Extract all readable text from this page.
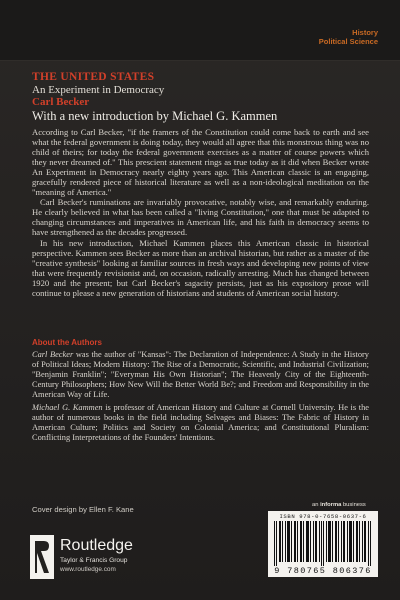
History
Political Science
THE UNITED STATES
An Experiment in Democracy
Carl Becker
With a new introduction by Michael G. Kammen

According to Carl Becker, "if the framers of the Constitution could come back to earth and see what the federal government is doing today, they would all agree that this monstrous thing was no child of theirs; for today the federal government exercises as a matter of course powers which they never dreamed of." This prescient statement rings as true today as it did when Becker wrote An Experiment in Democracy nearly eighty years ago. This American classic is an engaging, gracefully rendered piece of historical literature as well as a non-ideological meditation on the "meaning of America."

Carl Becker's ruminations are invariably provocative, notably wise, and remarkably enduring. He clearly believed in what has been called a "living Constitution," one that must be adapted to changing circumstances and imperatives in American life, and his faith in democracy seems to have strengthened as the decades progressed.

In his new introduction, Michael Kammen places this American classic in historical perspective. Kammen sees Becker as more than an archival historian, but rather as a master of the "creative synthesis" looking at familiar sources in fresh ways and developing new points of view that were frequently revisionist and, on occasion, radically arresting. Much has changed between 1920 and the present; but Carl Becker's sagacity persists, just as his expository prose will continue to please a new generation of historians and students of American social history.

About the Authors

Carl Becker was the author of "Kansas": The Declaration of Independence: A Study in the History of Political Ideas; Modern History: The Rise of a Democratic, Scientific, and Industrial Civilization; "Benjamin Franklin"; "Everyman His Own Historian"; The Heavenly City of the Eighteenth-Century Philosophers; How New Will the Better World Be?; and Freedom and Responsibility in the American Way of Life.

Michael G. Kammen is professor of American History and Culture at Cornell University. He is the author of numerous books in the field including Selvages and Biases: The Fabric of History in American Culture; Politics and Society on Colonial America; and Constitutional Pluralism: Conflicting Interpretations of the Founders' Intentions.

Cover design by Ellen F. Kane	an informa business
ISBN 978-0-7658-0637-6
9 780765 806376
Routledge
Taylor & Francis Group
www.routledge.com
